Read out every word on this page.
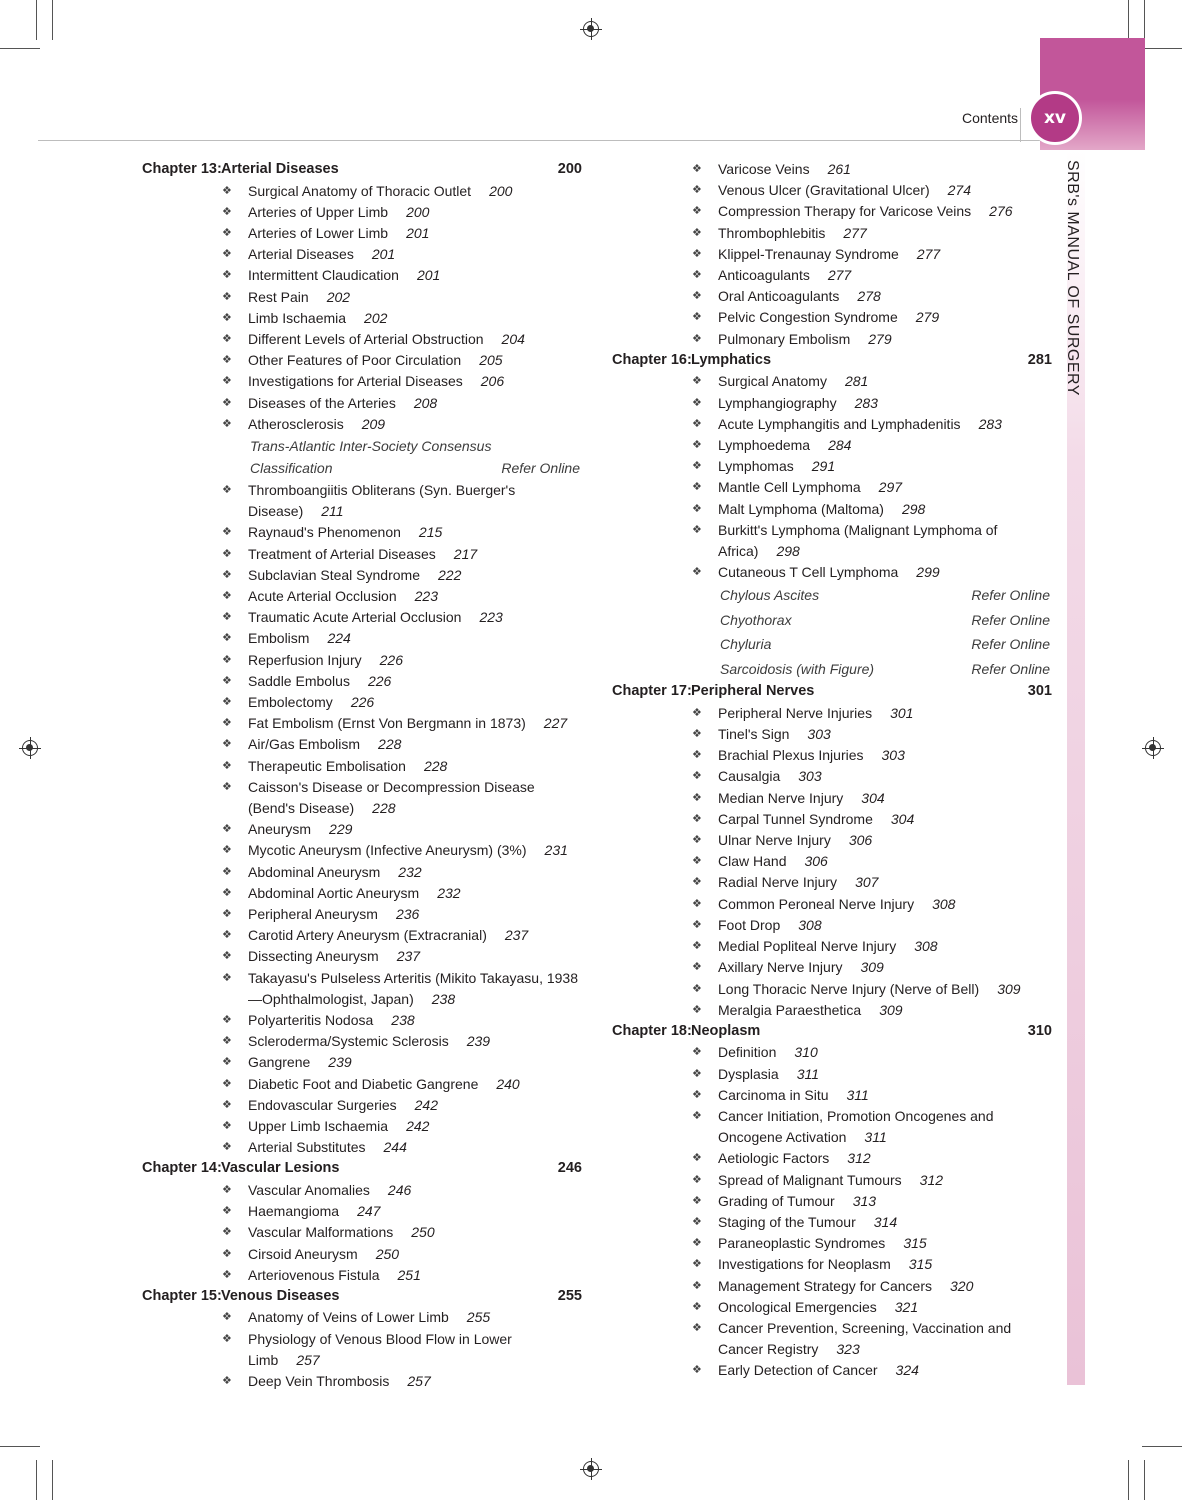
Contents	xv
SRB's MANUAL OF SURGERY
Chapter 13: Arterial Diseases	200
❖ Surgical Anatomy of Thoracic Outlet 200
❖ Arteries of Upper Limb 200
❖ Arteries of Lower Limb 201
❖ Arterial Diseases 201
❖ Intermittent Claudication 201
❖ Rest Pain 202
❖ Limb Ischaemia 202
❖ Different Levels of Arterial Obstruction 204
❖ Other Features of Poor Circulation 205
❖ Investigations for Arterial Diseases 206
❖ Diseases of the Arteries 208
❖ Atherosclerosis 209
Trans-Atlantic Inter-Society Consensus
Classification	Refer Online
❖ Thromboangiitis Obliterans (Syn. Buerger's Disease) 211
❖ Raynaud's Phenomenon 215
❖ Treatment of Arterial Diseases 217
❖ Subclavian Steal Syndrome 222
❖ Acute Arterial Occlusion 223
❖ Traumatic Acute Arterial Occlusion 223
❖ Embolism 224
❖ Reperfusion Injury 226
❖ Saddle Embolus 226
❖ Embolectomy 226
❖ Fat Embolism (Ernst Von Bergmann in 1873) 227
❖ Air/Gas Embolism 228
❖ Therapeutic Embolisation 228
❖ Caisson's Disease or Decompression Disease (Bend's Disease) 228
❖ Aneurysm 229
❖ Mycotic Aneurysm (Infective Aneurysm) (3%) 231
❖ Abdominal Aneurysm 232
❖ Abdominal Aortic Aneurysm 232
❖ Peripheral Aneurysm 236
❖ Carotid Artery Aneurysm (Extracranial) 237
❖ Dissecting Aneurysm 237
❖ Takayasu's Pulseless Arteritis (Mikito Takayasu, 1938—Ophthalmologist, Japan) 238
❖ Polyarteritis Nodosa 238
❖ Scleroderma/Systemic Sclerosis 239
❖ Gangrene 239
❖ Diabetic Foot and Diabetic Gangrene 240
❖ Endovascular Surgeries 242
❖ Upper Limb Ischaemia 242
❖ Arterial Substitutes 244
Chapter 14: Vascular Lesions	246
❖ Vascular Anomalies 246
❖ Haemangioma 247
❖ Vascular Malformations 250
❖ Cirsoid Aneurysm 250
❖ Arteriovenous Fistula 251
Chapter 15: Venous Diseases	255
❖ Anatomy of Veins of Lower Limb 255
❖ Physiology of Venous Blood Flow in Lower Limb 257
❖ Deep Vein Thrombosis 257
❖ Varicose Veins 261
❖ Venous Ulcer (Gravitational Ulcer) 274
❖ Compression Therapy for Varicose Veins 276
❖ Thrombophlebitis 277
❖ Klippel-Trenaunay Syndrome 277
❖ Anticoagulants 277
❖ Oral Anticoagulants 278
❖ Pelvic Congestion Syndrome 279
❖ Pulmonary Embolism 279
Chapter 16: Lymphatics	281
❖ Surgical Anatomy 281
❖ Lymphangiography 283
❖ Acute Lymphangitis and Lymphadenitis 283
❖ Lymphoedema 284
❖ Lymphomas 291
❖ Mantle Cell Lymphoma 297
❖ Malt Lymphoma (Maltoma) 298
❖ Burkitt's Lymphoma (Malignant Lymphoma of Africa) 298
❖ Cutaneous T Cell Lymphoma 299
Chylous Ascites	Refer Online
Chyothorax	Refer Online
Chyluria	Refer Online
Sarcoidosis (with Figure)	Refer Online
Chapter 17: Peripheral Nerves	301
❖ Peripheral Nerve Injuries 301
❖ Tinel's Sign 303
❖ Brachial Plexus Injuries 303
❖ Causalgia 303
❖ Median Nerve Injury 304
❖ Carpal Tunnel Syndrome 304
❖ Ulnar Nerve Injury 306
❖ Claw Hand 306
❖ Radial Nerve Injury 307
❖ Common Peroneal Nerve Injury 308
❖ Foot Drop 308
❖ Medial Popliteal Nerve Injury 308
❖ Axillary Nerve Injury 309
❖ Long Thoracic Nerve Injury (Nerve of Bell) 309
❖ Meralgia Paraesthetica 309
Chapter 18: Neoplasm	310
❖ Definition 310
❖ Dysplasia 311
❖ Carcinoma in Situ 311
❖ Cancer Initiation, Promotion Oncogenes and Oncogene Activation 311
❖ Aetiologic Factors 312
❖ Spread of Malignant Tumours 312
❖ Grading of Tumour 313
❖ Staging of the Tumour 314
❖ Paraneoplastic Syndromes 315
❖ Investigations for Neoplasm 315
❖ Management Strategy for Cancers 320
❖ Oncological Emergencies 321
❖ Cancer Prevention, Screening, Vaccination and Cancer Registry 323
❖ Early Detection of Cancer 324
